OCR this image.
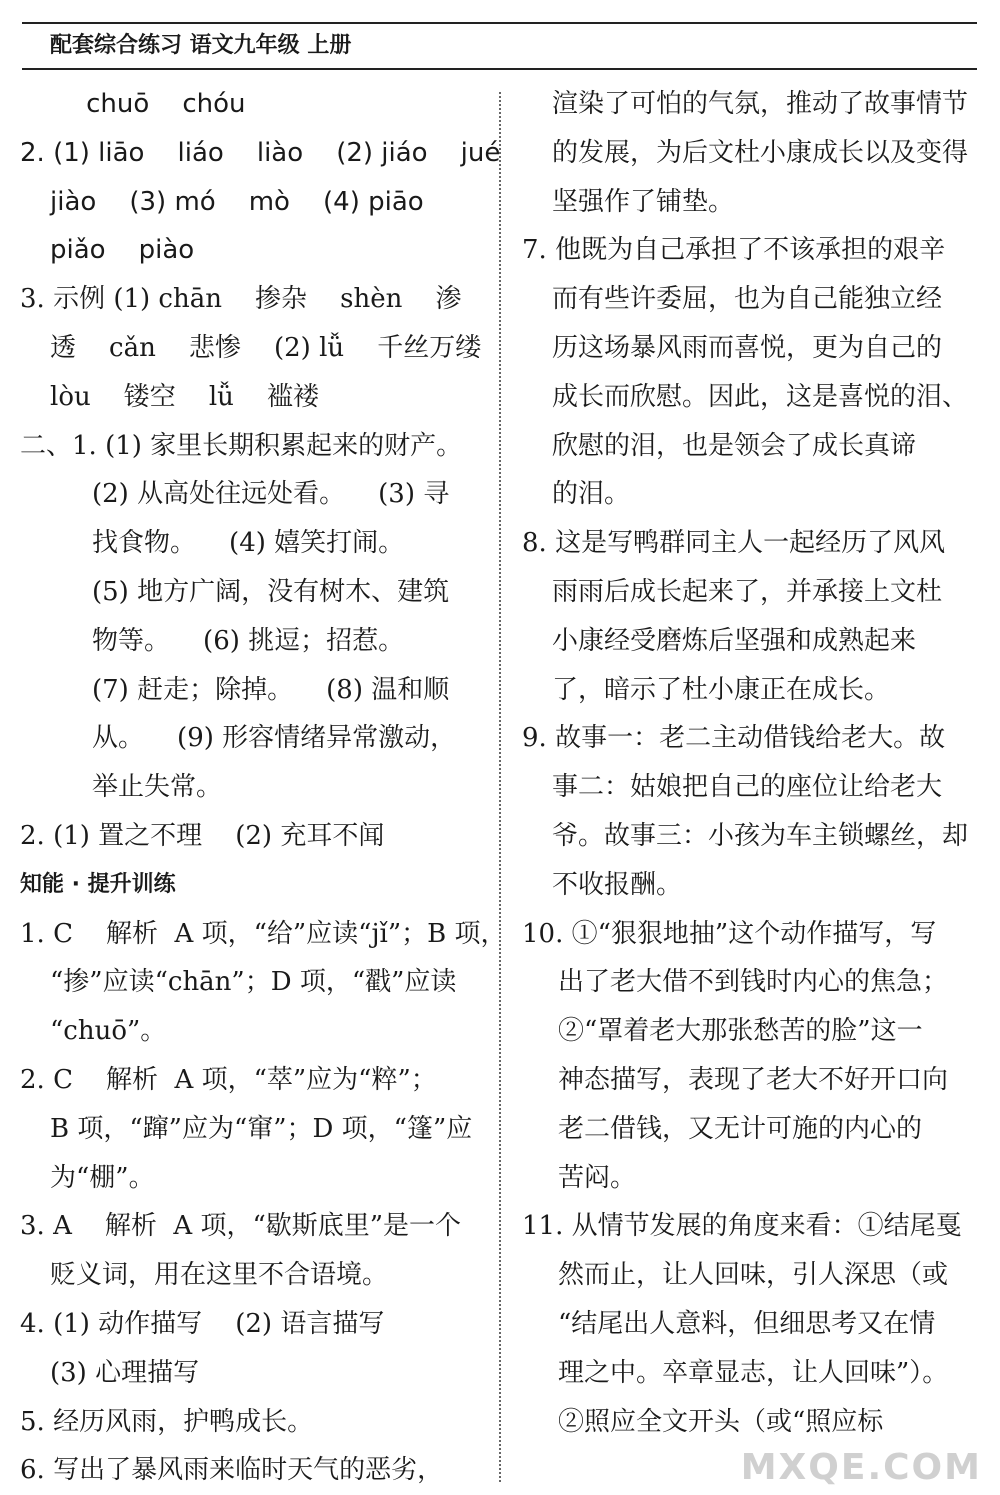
配套综合练习 语文九年级 上册
chuō    chóu
2. (1) liāo    liáo    liào    (2) jiáo    jué
jiào    (3) mó    mò    (4) piāo
piǎo    piào
3. 示例 (1) chān    掺杂    shèn    渗
透    cǎn    悲惨    (2) lǚ    千丝万缕
lòu    镂空    lǚ    褴褛
二、1. (1) 家里长期积累起来的财产。
(2) 从高处往远处看。    (3) 寻
找食物。    (4) 嬉笑打闹。
(5) 地方广阔，没有树木、建筑
物等。    (6) 挑逗；招惹。
(7) 赶走；除掉。    (8) 温和顺
从。    (9) 形容情绪异常激动，
举止失常。
2. (1) 置之不理    (2) 充耳不闻
知能 · 提升训练
1. C    解析  A 项，“给”应读“jǐ”；B 项，
“掺”应读“chān”；D 项，“戳”应读
“chuō”。
2. C    解析  A 项，“萃”应为“粹”；
B 项，“蹿”应为“窜”；D 项，“篷”应
为“棚”。
3. A    解析  A 项，“歇斯底里”是一个
贬义词，用在这里不合语境。
4. (1) 动作描写    (2) 语言描写
(3) 心理描写
5. 经历风雨，护鸭成长。
6. 写出了暴风雨来临时天气的恶劣，
渲染了可怕的气氛，推动了故事情节
的发展，为后文杜小康成长以及变得
坚强作了铺垫。
7. 他既为自己承担了不该承担的艰辛
而有些许委屈，也为自己能独立经
历这场暴风雨而喜悦，更为自己的
成长而欣慰。因此，这是喜悦的泪、
欣慰的泪，也是领会了成长真谛
的泪。
8. 这是写鸭群同主人一起经历了风风
雨雨后成长起来了，并承接上文杜
小康经受磨炼后坚强和成熟起来
了，暗示了杜小康正在成长。
9. 故事一：老二主动借钱给老大。故
事二：姑娘把自己的座位让给老大
爷。故事三：小孩为车主锁螺丝，却
不收报酬。
10. ①“狠狠地抽”这个动作描写，写
出了老大借不到钱时内心的焦急；
②“罩着老大那张愁苦的脸”这一
神态描写，表现了老大不好开口向
老二借钱，又无计可施的内心的
苦闷。
11. 从情节发展的角度来看：①结尾戛
然而止，让人回味，引人深思（或
“结尾出人意料，但细思考又在情
理之中。卒章显志，让人回味”）。
②照应全文开头（或“照应标
MXQE.COM
